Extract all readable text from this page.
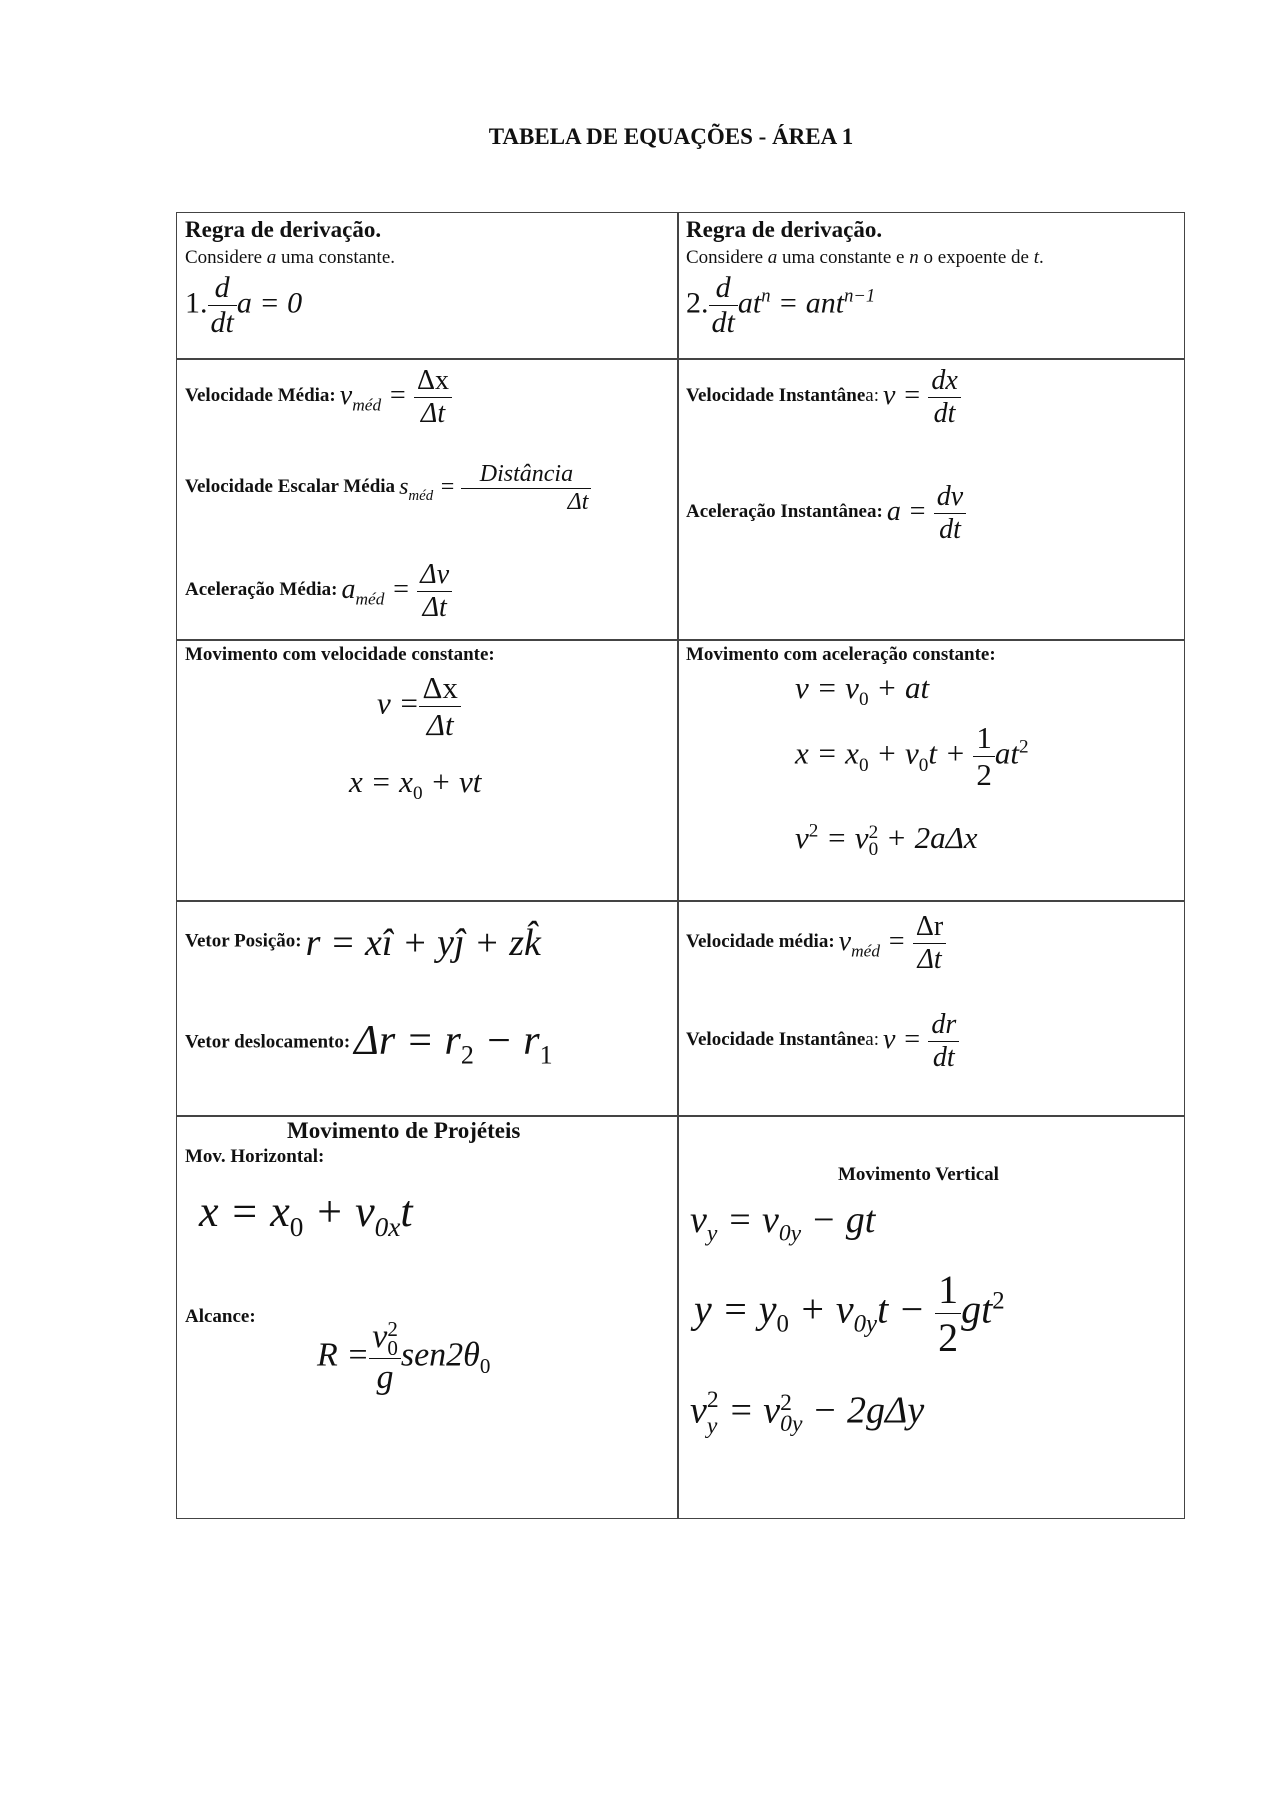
TABELA DE EQUAÇÕES - ÁREA 1
Regra de derivação.
Considere a uma constante.
1. $\frac{d}{dt}$ a = 0
Regra de derivação.
Considere a uma constante e n o expoente de t.
2. $\frac{d}{dt} at^n = ant^{n-1}$
Velocidade Média: $v_{méd} = \frac{\Delta x}{\Delta t}$
Velocidade Escalar Média $s_{méd} = \frac{\text{Distância}}{\Delta t}$
Aceleração Média: $a_{méd} = \frac{\Delta v}{\Delta t}$
Velocidade Instantânea: $v = \frac{dx}{dt}$
Aceleração Instantânea: $a = \frac{dv}{dt}$
Movimento com velocidade constante:
$v = \frac{\Delta x}{\Delta t}$
$x = x_0$ + vt
Movimento com aceleração constante:
$v = v_0$ + at
$x = x_0 + v_0t + \frac{1}{2} at^2$
$v^2 = v$ 2
0 + 2aΔx
Vetor Posição: r = xî + yĵ + zk̂
Vetor deslocamento: $\Delta r = r_2 - r_1$
Velocidade média: $v_{méd} = \frac{\Delta r}{\Delta t}$
Velocidade Instantânea: $v = \frac{dr}{dt}$
Movimento de Projéteis
Mov. Horizontal:
$x = x_0 + v_{0x}t$
Alcance:
R = v 2
0
g $sen2\theta_0$
Movimento Vertical
$v_y = v_{0y}$ − gt
$y = y_0 + v_{0y}t - \frac{1}{2} gt^2$
v 2
y = v 2
0y − 2gΔy
